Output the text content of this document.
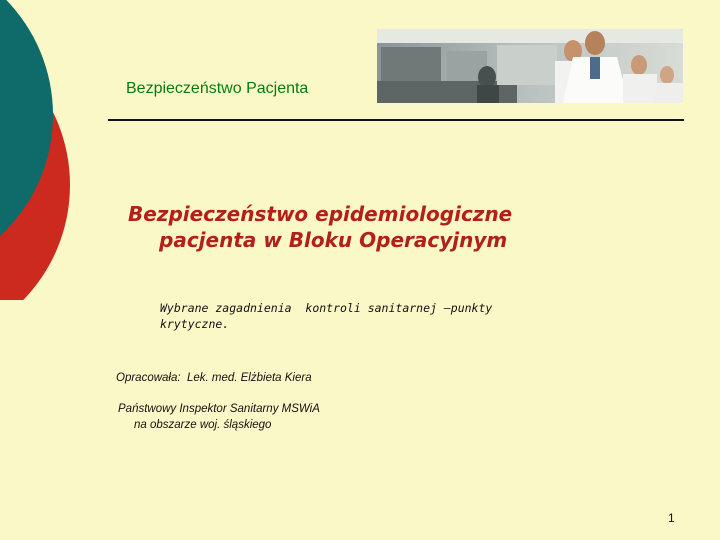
Bezpieczeństwo Pacjenta
Bezpieczeństwo epidemiologiczne
pacjenta w Bloku Operacyjnym
Wybrane zagadnienia  kontroli sanitarnej –punkty
krytyczne.
Opracowała:  Lek. med. Elżbieta Kiera
Państwowy Inspektor Sanitarny MSWiA
na obszarze woj. śląskiego
1
